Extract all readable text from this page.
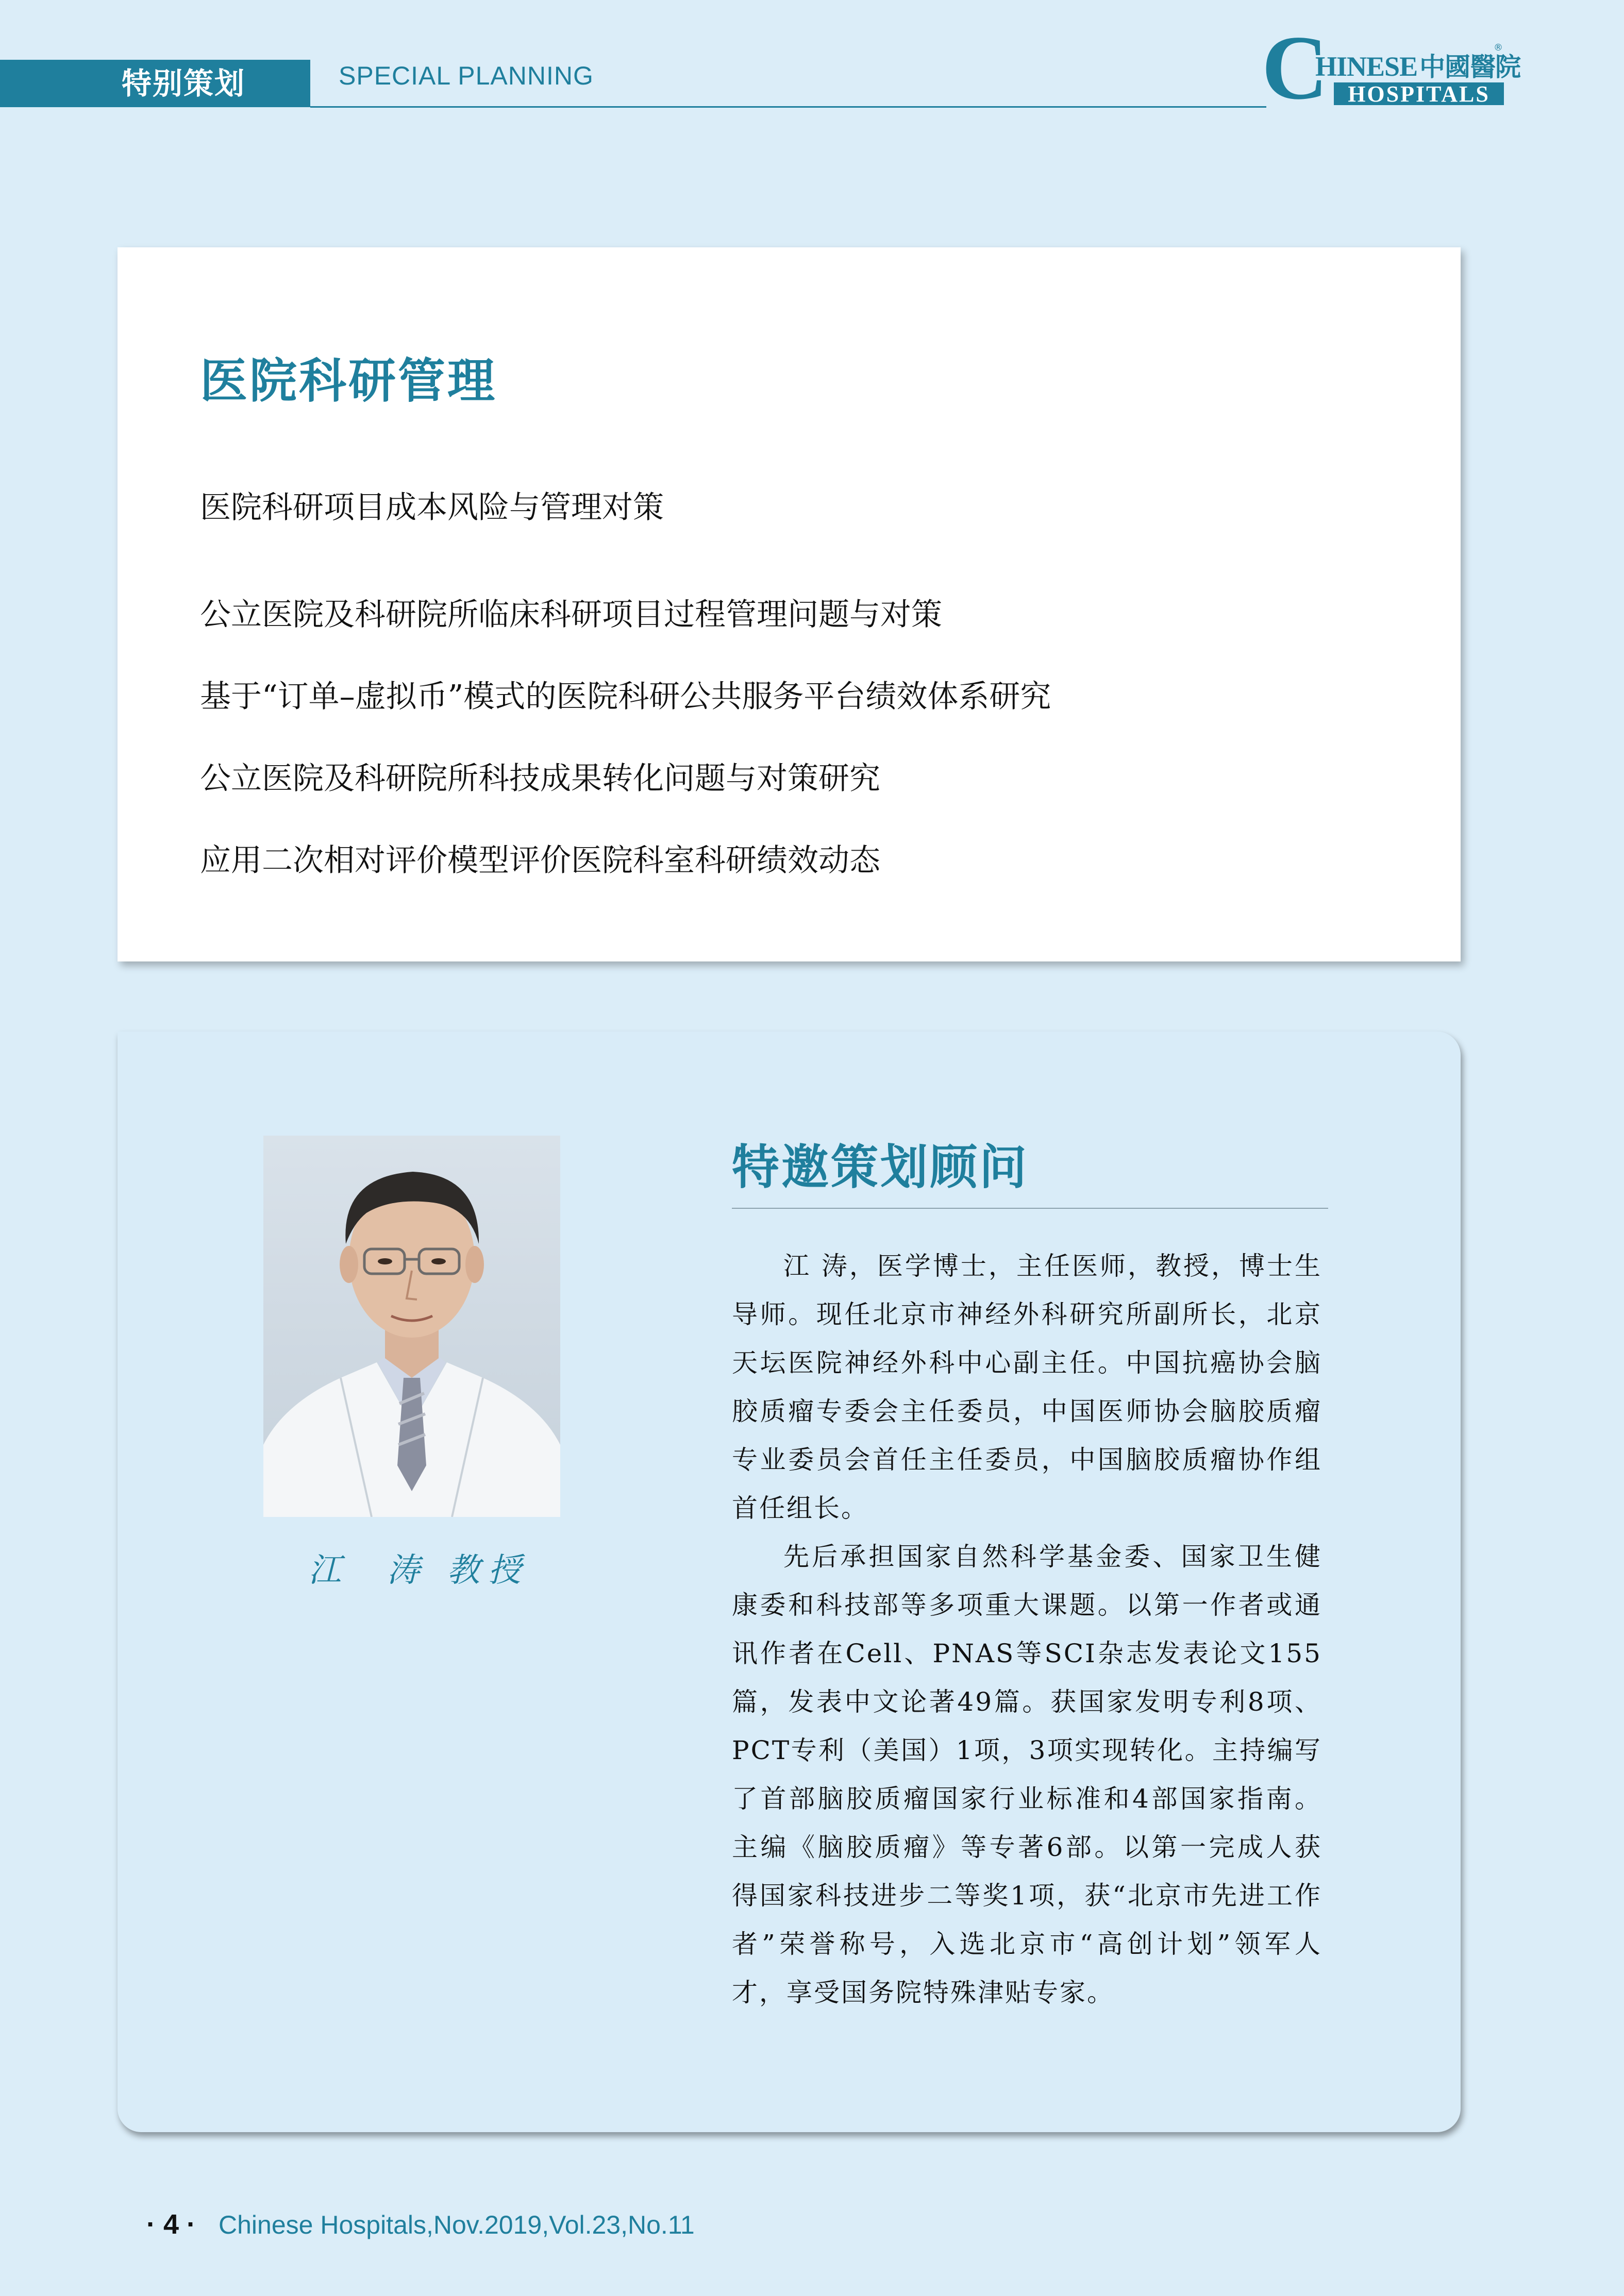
特别策划	SPECIAL PLANNING	C
HINESE中國醫院
®
HOSPITALS
医院科研管理
医院科研项目成本风险与管理对策
公立医院及科研院所临床科研项目过程管理问题与对策
基于“订单–虚拟币”模式的医院科研公共服务平台绩效体系研究
公立医院及科研院所科技成果转化问题与对策研究
应用二次相对评价模型评价医院科室科研绩效动态
江  涛 教授
特邀策划顾问

江 涛，医学博士，主任医师，教授，博士生导师。现任北京市神经外科研究所副所长，北京天坛医院神经外科中心副主任。中国抗癌协会脑胶质瘤专委会主任委员，中国医师协会脑胶质瘤专业委员会首任主任委员，中国脑胶质瘤协作组首任组长。

先后承担国家自然科学基金委、国家卫生健康委和科技部等多项重大课题。以第一作者或通讯作者在Cell、PNAS等SCI杂志发表论文155篇，发表中文论著49篇。获国家发明专利8项、PCT专利（美国）1项，3项实现转化。主持编写了首部脑胶质瘤国家行业标准和4部国家指南。主编《脑胶质瘤》等专著6部。以第一完成人获得国家科技进步二等奖1项，获“北京市先进工作者”荣誉称号，入选北京市“高创计划”领军人才，享受国务院特殊津贴专家。

· 4 · Chinese Hospitals,Nov.2019,Vol.23,No.11
